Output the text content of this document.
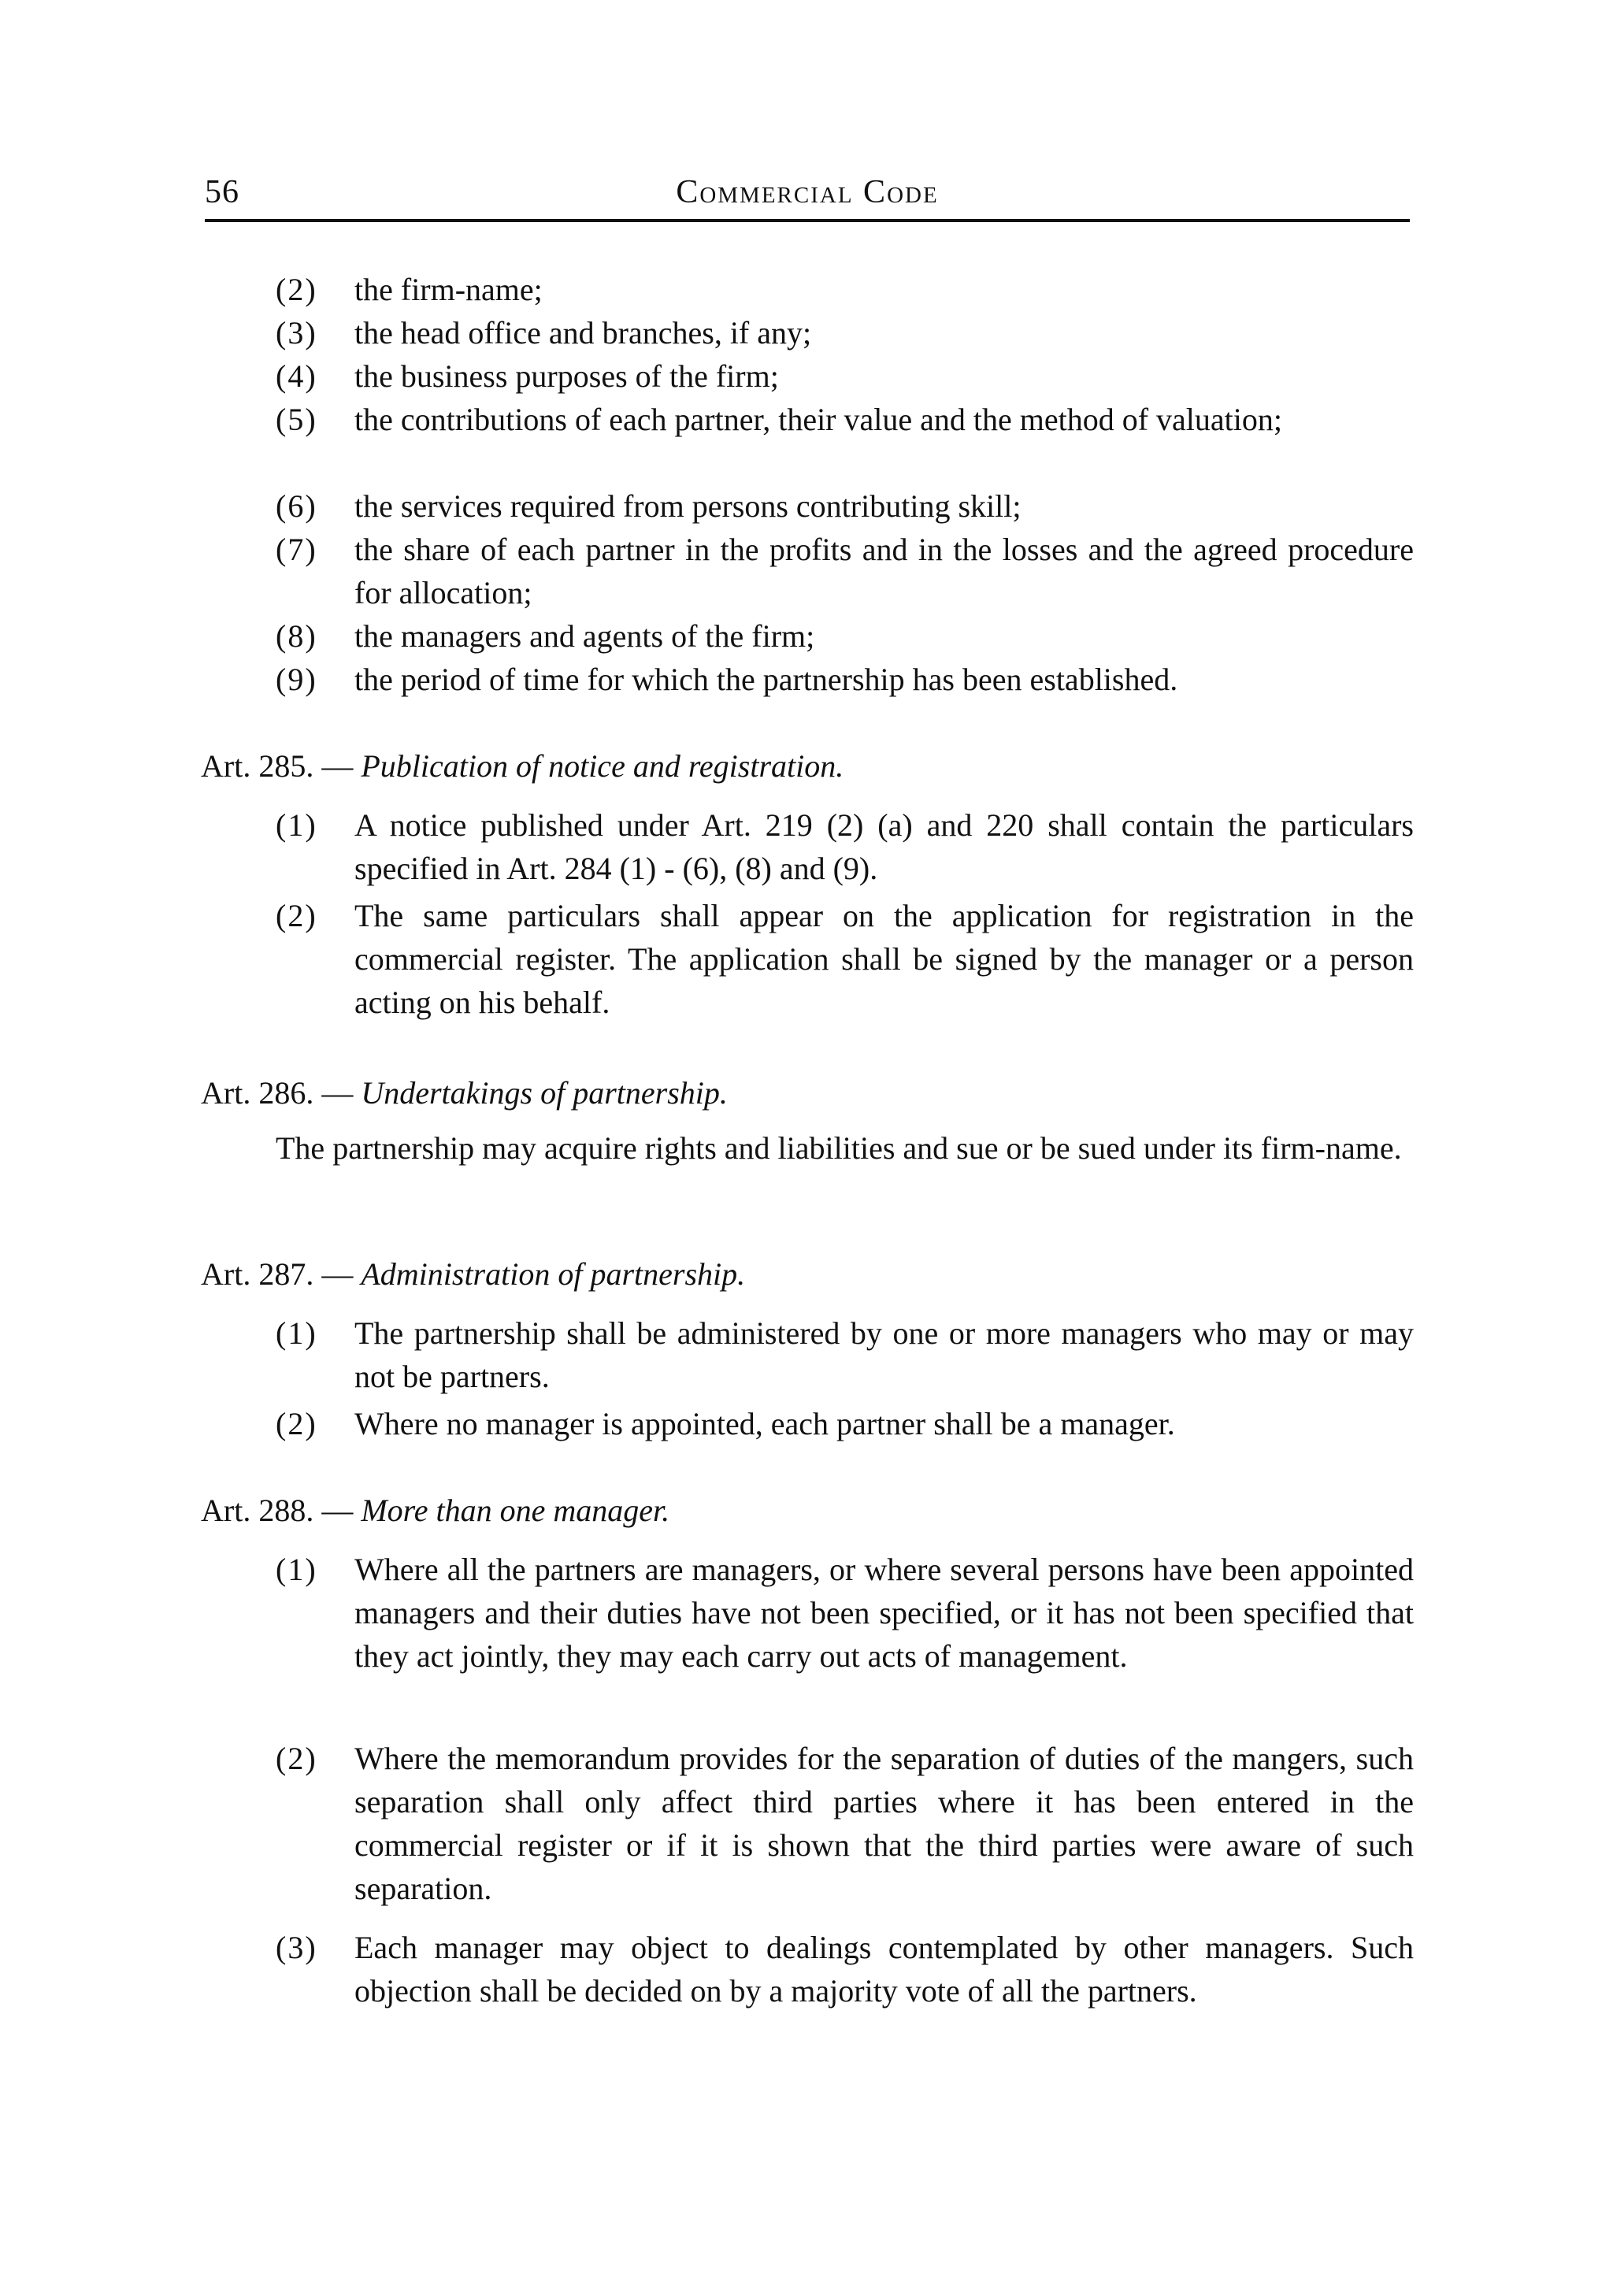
56	Commercial Code
(2)	the firm-name;
(3)	the head office and branches, if any;
(4)	the business purposes of the firm;
(5)	the contributions of each partner, their value and the method of valuation;
(6)	the services required from persons contributing skill;
(7)	the share of each partner in the profits and in the losses and the agreed procedure for allocation;
(8)	the managers and agents of the firm;
(9)	the period of time for which the partnership has been established.
Art. 285. — Publication of notice and registration.
(1)	A notice published under Art. 219 (2) (a) and 220 shall contain the particulars specified in Art. 284 (1) - (6), (8) and (9).
(2)	The same particulars shall appear on the application for registration in the commercial register. The application shall be signed by the manager or a person acting on his behalf.
Art. 286. — Undertakings of partnership.
The partnership may acquire rights and liabilities and sue or be sued under its firm-name.
Art. 287. — Administration of partnership.
(1)	The partnership shall be administered by one or more managers who may or may not be partners.
(2)	Where no manager is appointed, each partner shall be a manager.
Art. 288. — More than one manager.
(1)	Where all the partners are managers, or where several persons have been appointed managers and their duties have not been specified, or it has not been specified that they act jointly, they may each carry out acts of management.
(2)	Where the memorandum provides for the separation of duties of the mangers, such separation shall only affect third parties where it has been entered in the commercial register or if it is shown that the third parties were aware of such separation.
(3)	Each manager may object to dealings contemplated by other managers. Such objection shall be decided on by a majority vote of all the partners.
